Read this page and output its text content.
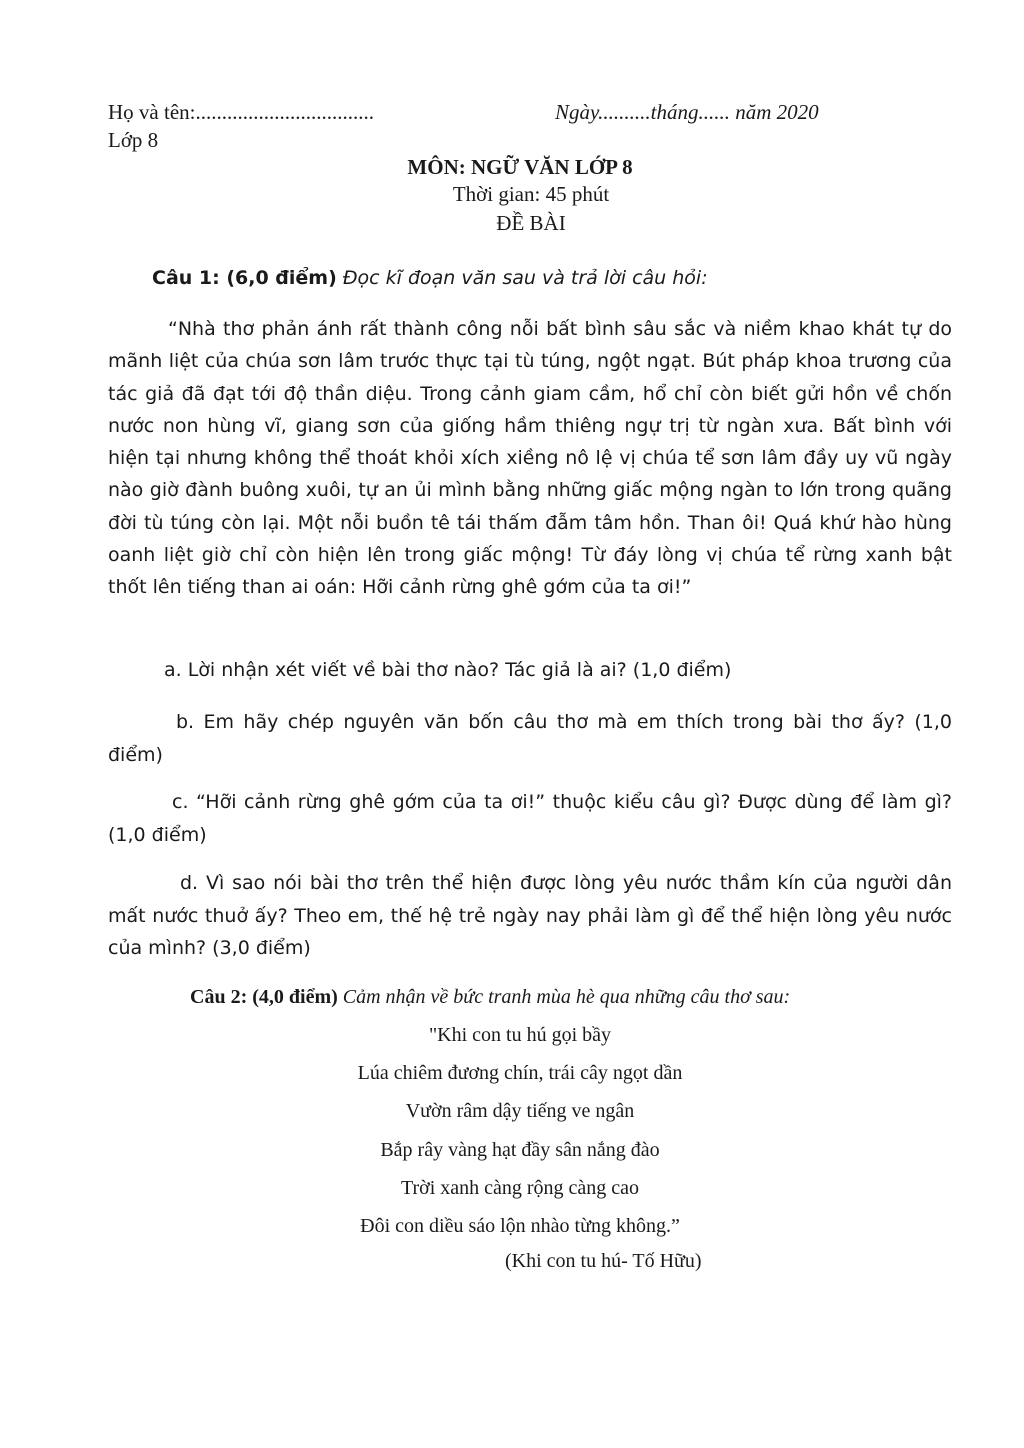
Họ và tên:..................................	Ngày..........tháng...... năm 2020
Lớp 8
MÔN: NGỮ VĂN LỚP 8
Thời gian: 45 phút
ĐỀ BÀI
Câu 1: (6,0 điểm) Đọc kĩ đoạn văn sau và trả lời câu hỏi:

“Nhà thơ phản ánh rất thành công nỗi bất bình sâu sắc và niềm khao khát tự do mãnh liệt của chúa sơn lâm trước thực tại tù túng, ngột ngạt. Bút pháp khoa trương của tác giả đã đạt tới độ thần diệu. Trong cảnh giam cầm, hổ chỉ còn biết gửi hồn về chốn nước non hùng vĩ, giang sơn của giống hầm thiêng ngự trị từ ngàn xưa. Bất bình với hiện tại nhưng không thể thoát khỏi xích xiềng nô lệ vị chúa tể sơn lâm đầy uy vũ ngày nào giờ đành buông xuôi, tự an ủi mình bằng những giấc mộng ngàn to lớn trong quãng đời tù túng còn lại. Một nỗi buồn tê tái thấm đẫm tâm hồn. Than ôi! Quá khứ hào hùng oanh liệt giờ chỉ còn hiện lên trong giấc mộng! Từ đáy lòng vị chúa tể rừng xanh bật thốt lên tiếng than ai oán: Hỡi cảnh rừng ghê gớm của ta ơi!”

a. Lời nhận xét viết về bài thơ nào? Tác giả là ai? (1,0 điểm)

b. Em hãy chép nguyên văn bốn câu thơ mà em thích trong bài thơ ấy? (1,0 điểm)

c. “Hỡi cảnh rừng ghê gớm của ta ơi!” thuộc kiểu câu gì? Được dùng để làm gì? (1,0 điểm)

d. Vì sao nói bài thơ trên thể hiện được lòng yêu nước thầm kín của người dân mất nước thuở ấy? Theo em, thế hệ trẻ ngày nay phải làm gì để thể hiện lòng yêu nước của mình? (3,0 điểm)

Câu 2: (4,0 điểm) Cảm nhận về bức tranh mùa hè qua những câu thơ sau:
"Khi con tu hú gọi bầy
Lúa chiêm đương chín, trái cây ngọt dần
Vườn râm dậy tiếng ve ngân
Bắp rây vàng hạt đầy sân nắng đào
Trời xanh càng rộng càng cao
Đôi con diều sáo lộn nhào từng không.”
(Khi con tu hú- Tố Hữu)
